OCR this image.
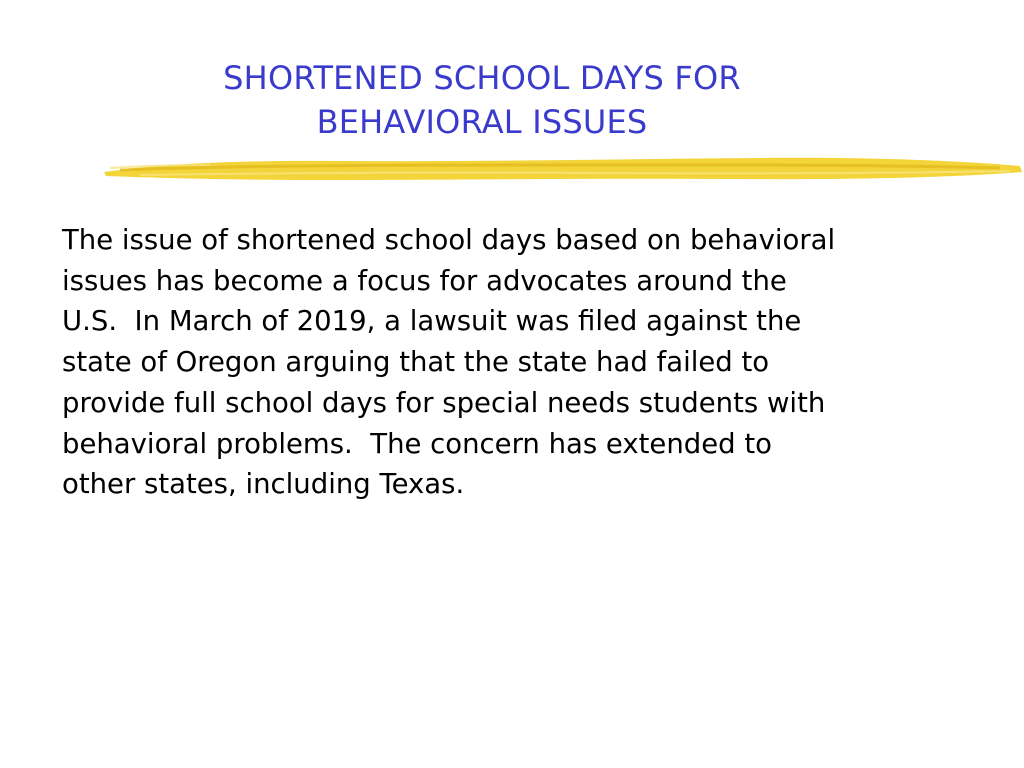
SHORTENED SCHOOL DAYS FOR
BEHAVIORAL ISSUES
The issue of shortened school days based on behavioral
issues has become a focus for advocates around the
U.S.  In March of 2019, a lawsuit was filed against the
state of Oregon arguing that the state had failed to
provide full school days for special needs students with
behavioral problems.  The concern has extended to
other states, including Texas.
